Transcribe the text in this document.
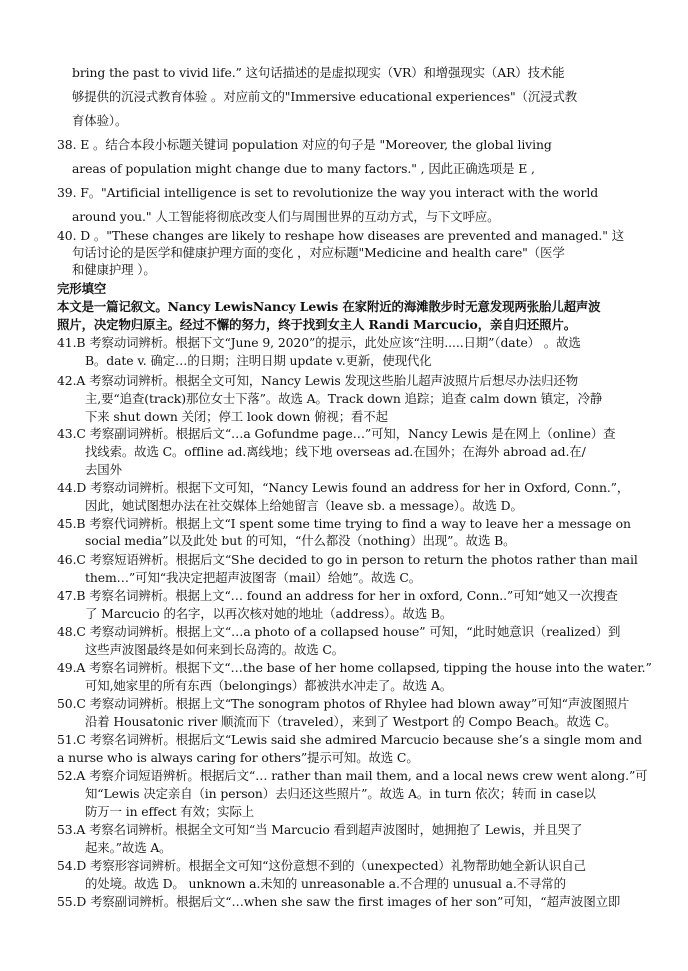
bring the past to vivid life.” 这句话描述的是虚拟现实（VR）和增强现实（AR）技术能
够提供的沉浸式教育体验 。对应前文的"Immersive educational experiences"（沉浸式教
育体验）。
38. E 。结合本段小标题关键词 population 对应的句子是 "Moreover, the global living
areas of population might change due to many factors." , 因此正确选项是 E ,
39. F。"Artificial intelligence is set to revolutionize the way you interact with the world
around you." 人工智能将彻底改变人们与周围世界的互动方式，与下文呼应。
40. D 。"These changes are likely to reshape how diseases are prevented and managed." 这
句话讨论的是医学和健康护理方面的变化 ，对应标题"Medicine and health care"（医学
和健康护理 ）。
完形填空
本文是一篇记叙文。Nancy LewisNancy Lewis 在家附近的海滩散步时无意发现两张胎儿超声波
照片，决定物归原主。经过不懈的努力，终于找到女主人 Randi Marcucio，亲自归还照片。
41.B 考察动词辨析。根据下文“June 9, 2020”的提示，此处应该“注明.....日期”（date） 。故选
B。date v. 确定…的日期；注明日期 update v.更新，使现代化
42.A 考察动词辨析。根据全文可知，Nancy Lewis 发现这些胎儿超声波照片后想尽办法归还物
主,要“追查(track)那位女士下落”。故选 A。Track down 追踪；追查 calm down 镇定，冷静
下来 shut down 关闭；停工 look down 俯视；看不起
43.C 考察副词辨析。根据后文“…a Gofundme page…”可知，Nancy Lewis 是在网上（online）查
找线索。故选 C。offline ad.离线地；线下地 overseas ad.在国外；在海外 abroad ad.在/
去国外
44.D 考察动词辨析。根据下文可知，“Nancy Lewis found an address for her in Oxford, Conn.”，
因此，她试图想办法在社交媒体上给她留言（leave sb. a message）。故选 D。
45.B 考察代词辨析。根据上文“I spent some time trying to find a way to leave her a message on
social media”以及此处 but 的可知，“什么都没（nothing）出现”。故选 B。
46.C 考察短语辨析。根据后文“She decided to go in person to return the photos rather than mail
them…”可知“我决定把超声波图寄（mail）给她”。故选 C。
47.B 考察名词辨析。根据上文“… found an address for her in oxford, Conn..”可知“她又一次搜查
了 Marcucio 的名字，以再次核对她的地址（address）。故选 B。
48.C 考察动词辨析。根据上文“…a photo of a collapsed house” 可知，“此时她意识（realized）到
这些声波图最终是如何来到长岛湾的。故选 C。
49.A 考察名词辨析。根据下文“…the base of her home collapsed, tipping the house into the water.”
可知,她家里的所有东西（belongings）都被洪水冲走了。故选 A。
50.C 考察动词辨析。根据上文“The sonogram photos of Rhylee had blown away”可知“声波图照片
沿着 Housatonic river 顺流而下（traveled），来到了 Westport 的 Compo Beach。故选 C。
51.C 考察名词辨析。根据后文“Lewis said she admired Marcucio because she’s a single mom and
a nurse who is always caring for others”提示可知。故选 C。
52.A 考察介词短语辨析。根据后文“… rather than mail them, and a local news crew went along.”可
知“Lewis 决定亲自（in person）去归还这些照片”。故选 A。in turn 依次；转而 in case以
防万一 in effect 有效；实际上
53.A 考察名词辨析。根据全文可知“当 Marcucio 看到超声波图时，她拥抱了 Lewis，并且哭了
起来。”故选 A。
54.D 考察形容词辨析。根据全文可知“这份意想不到的（unexpected）礼物帮助她全新认识自己
的处境。故选 D。 unknown a.未知的 unreasonable a.不合理的 unusual a.不寻常的
55.D 考察副词辨析。根据后文“…when she saw the first images of her son”可知，“超声波图立即
